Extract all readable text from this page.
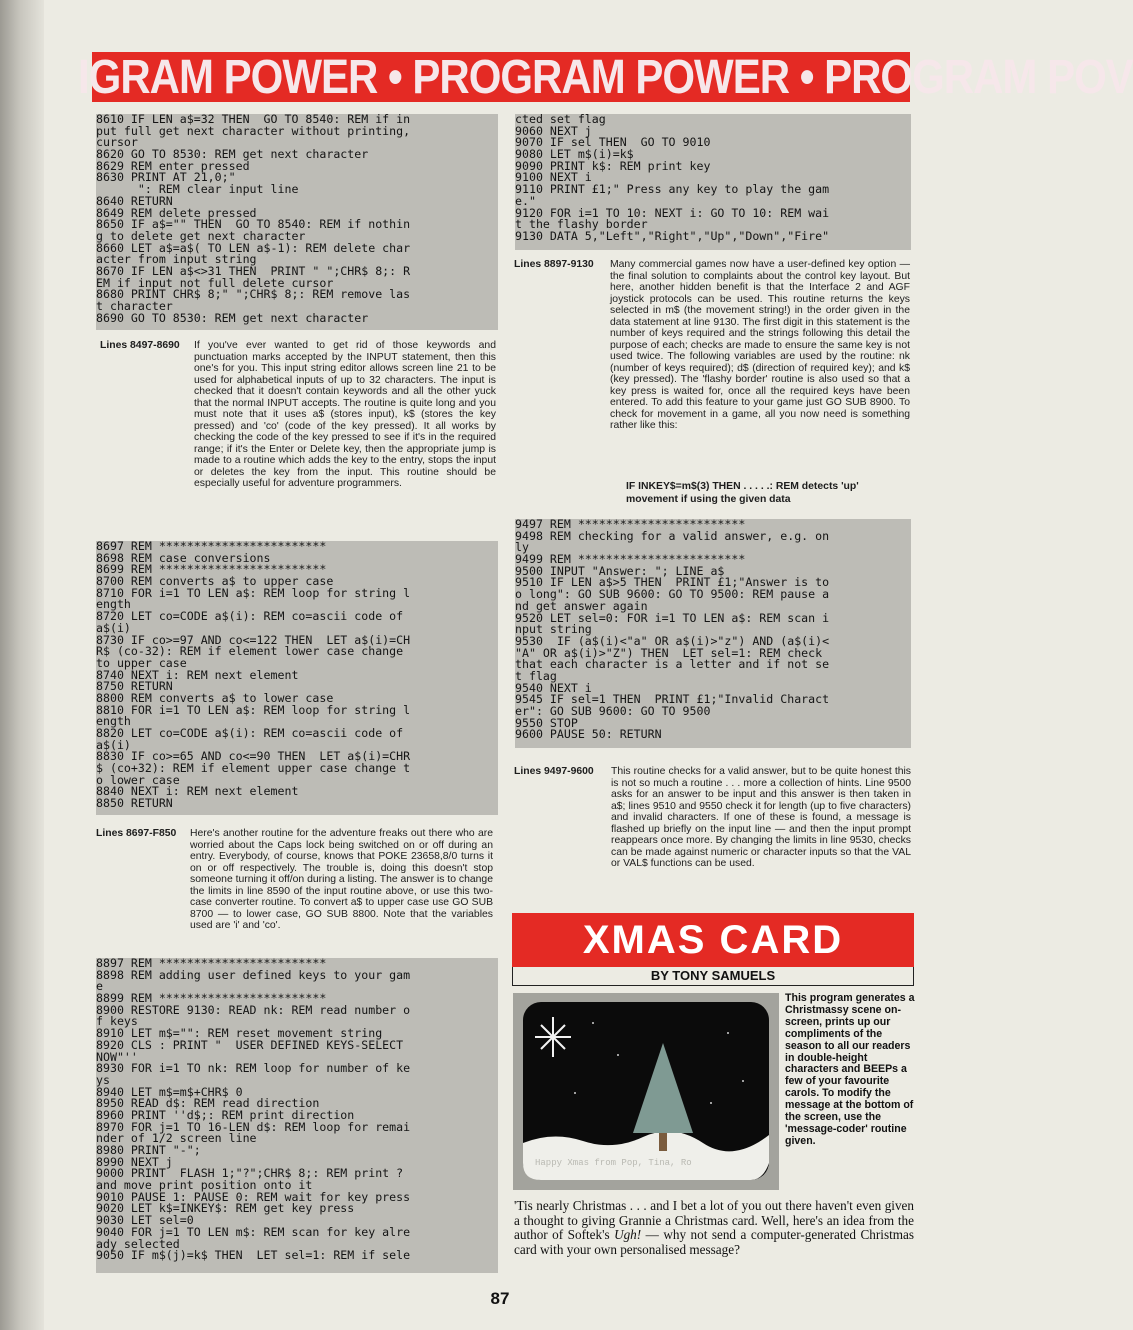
IGRAM POWER • PROGRAM POWER • PROGRAM POV
8610 IF LEN a$=32 THEN  GO TO 8540: REM if in
put full get next character without printing,
cursor
8620 GO TO 8530: REM get next character
8629 REM enter pressed
8630 PRINT AT 21,0;"
": REM clear input line
8640 RETURN
8649 REM delete pressed
8650 IF a$="" THEN  GO TO 8540: REM if nothin
g to delete get next character
8660 LET a$=a$( TO LEN a$-1): REM delete char
acter from input string
8670 IF LEN a$<>31 THEN  PRINT " ";CHR$ 8;: R
EM if input not full delete cursor
8680 PRINT CHR$ 8;" ";CHR$ 8;: REM remove las
t character
8690 GO TO 8530: REM get next character
Lines 8497-8690 If you've ever wanted to get rid of those keywords and punctuation marks accepted by the INPUT statement, then this one's for you. This input string editor allows screen line 21 to be used for alphabetical inputs of up to 32 characters. The input is checked that it doesn't contain keywords and all the other yuck that the normal INPUT accepts. The routine is quite long and you must note that it uses a$ (stores input), k$ (stores the key pressed) and 'co' (code of the key pressed). It all works by checking the code of the key pressed to see if it's in the required range; if it's the Enter or Delete key, then the appropriate jump is made to a routine which adds the key to the entry, stops the input or deletes the key from the input. This routine should be especially useful for adventure programmers.

8697 REM ************************
8698 REM case conversions
8699 REM ************************
8700 REM converts a$ to upper case
8710 FOR i=1 TO LEN a$: REM loop for string l
ength
8720 LET co=CODE a$(i): REM co=ascii code of
a$(i)
8730 IF co>=97 AND co<=122 THEN  LET a$(i)=CH
R$ (co-32): REM if element lower case change
to upper case
8740 NEXT i: REM next element
8750 RETURN
8800 REM converts a$ to lower case
8810 FOR i=1 TO LEN a$: REM loop for string l
ength
8820 LET co=CODE a$(i): REM co=ascii code of
a$(i)
8830 IF co>=65 AND co<=90 THEN  LET a$(i)=CHR
$ (co+32): REM if element upper case change t
o lower case
8840 NEXT i: REM next element
8850 RETURN
Lines 8697-F850 Here's another routine for the adventure freaks out there who are worried about the Caps lock being switched on or off during an entry. Everybody, of course, knows that POKE 23658,8/0 turns it on or off respectively. The trouble is, doing this doesn't stop someone turning it off/on during a listing. The answer is to change the limits in line 8590 of the input routine above, or use this two-case converter routine. To convert a$ to upper case use GO SUB 8700 — to lower case, GO SUB 8800. Note that the variables used are 'i' and 'co'.

8897 REM ************************
8898 REM adding user defined keys to your gam
e
8899 REM ************************
8900 RESTORE 9130: READ nk: REM read number o
f keys
8910 LET m$="": REM reset movement string
8920 CLS : PRINT "  USER DEFINED KEYS-SELECT
NOW"''
8930 FOR i=1 TO nk: REM loop for number of ke
ys
8940 LET m$=m$+CHR$ 0
8950 READ d$: REM read direction
8960 PRINT ''d$;: REM print direction
8970 FOR j=1 TO 16-LEN d$: REM loop for remai
nder of 1/2 screen line
8980 PRINT "-";
8990 NEXT j
9000 PRINT  FLASH 1;"?";CHR$ 8;: REM print ?
and move print position onto it
9010 PAUSE 1: PAUSE 0: REM wait for key press
9020 LET k$=INKEY$: REM get key press
9030 LET sel=0
9040 FOR j=1 TO LEN m$: REM scan for key alre
ady selected
9050 IF m$(j)=k$ THEN  LET sel=1: REM if sele
cted set flag
9060 NEXT j
9070 IF sel THEN  GO TO 9010
9080 LET m$(i)=k$
9090 PRINT k$: REM print key
9100 NEXT i
9110 PRINT £1;" Press any key to play the gam
e."
9120 FOR i=1 TO 10: NEXT i: GO TO 10: REM wai
t the flashy border
9130 DATA 5,"Left","Right","Up","Down","Fire"
Lines 8897-9130 Many commercial games now have a user-defined key option — the final solution to complaints about the control key layout. But here, another hidden benefit is that the Interface 2 and AGF joystick protocols can be used. This routine returns the keys selected in m$ (the movement string!) in the order given in the data statement at line 9130. The first digit in this statement is the number of keys required and the strings following this detail the purpose of each; checks are made to ensure the same key is not used twice. The following variables are used by the routine: nk (number of keys required); d$ (direction of required key); and k$ (key pressed). The 'flashy border' routine is also used so that a key press is waited for, once all the required keys have been entered. To add this feature to your game just GO SUB 8900. To check for movement in a game, all you now need is something rather like this:

IF INKEY$=m$(3) THEN . . . . .: REM detects 'up' movement if using the given data

9497 REM ************************
9498 REM checking for a valid answer, e.g. on
ly
9499 REM ************************
9500 INPUT "Answer: "; LINE a$
9510 IF LEN a$>5 THEN  PRINT £1;"Answer is to
o long": GO SUB 9600: GO TO 9500: REM pause a
nd get answer again
9520 LET sel=0: FOR i=1 TO LEN a$: REM scan i
nput string
9530  IF (a$(i)<"a" OR a$(i)>"z") AND (a$(i)<
"A" OR a$(i)>"Z") THEN  LET sel=1: REM check
that each character is a letter and if not se
t flag
9540 NEXT i
9545 IF sel=1 THEN  PRINT £1;"Invalid Charact
er": GO SUB 9600: GO TO 9500
9550 STOP
9600 PAUSE 50: RETURN
Lines 9497-9600 This routine checks for a valid answer, but to be quite honest this is not so much a routine . . . more a collection of hints. Line 9500 asks for an answer to be input and this answer is then taken in a$; lines 9510 and 9550 check it for length (up to five characters) and invalid characters. If one of these is found, a message is flashed up briefly on the input line — and then the input prompt reappears once more. By changing the limits in line 9530, checks can be made against numeric or character inputs so that the VAL or VAL$ functions can be used.

XMAS CARD
BY TONY SAMUELS
Happy Xmas from Pop, Tina, Ro

This program generates a Christmassy scene on-screen, prints up our compliments of the season to all our readers in double-height characters and BEEPs a few of your favourite carols. To modify the message at the bottom of the screen, use the 'message-coder' routine given.

'Tis nearly Christmas . . . and I bet a lot of you out there haven't even given a thought to giving Grannie a Christmas card. Well, here's an idea from the author of Softek's Ugh! — why not send a computer-generated Christmas card with your own personalised message?

87
